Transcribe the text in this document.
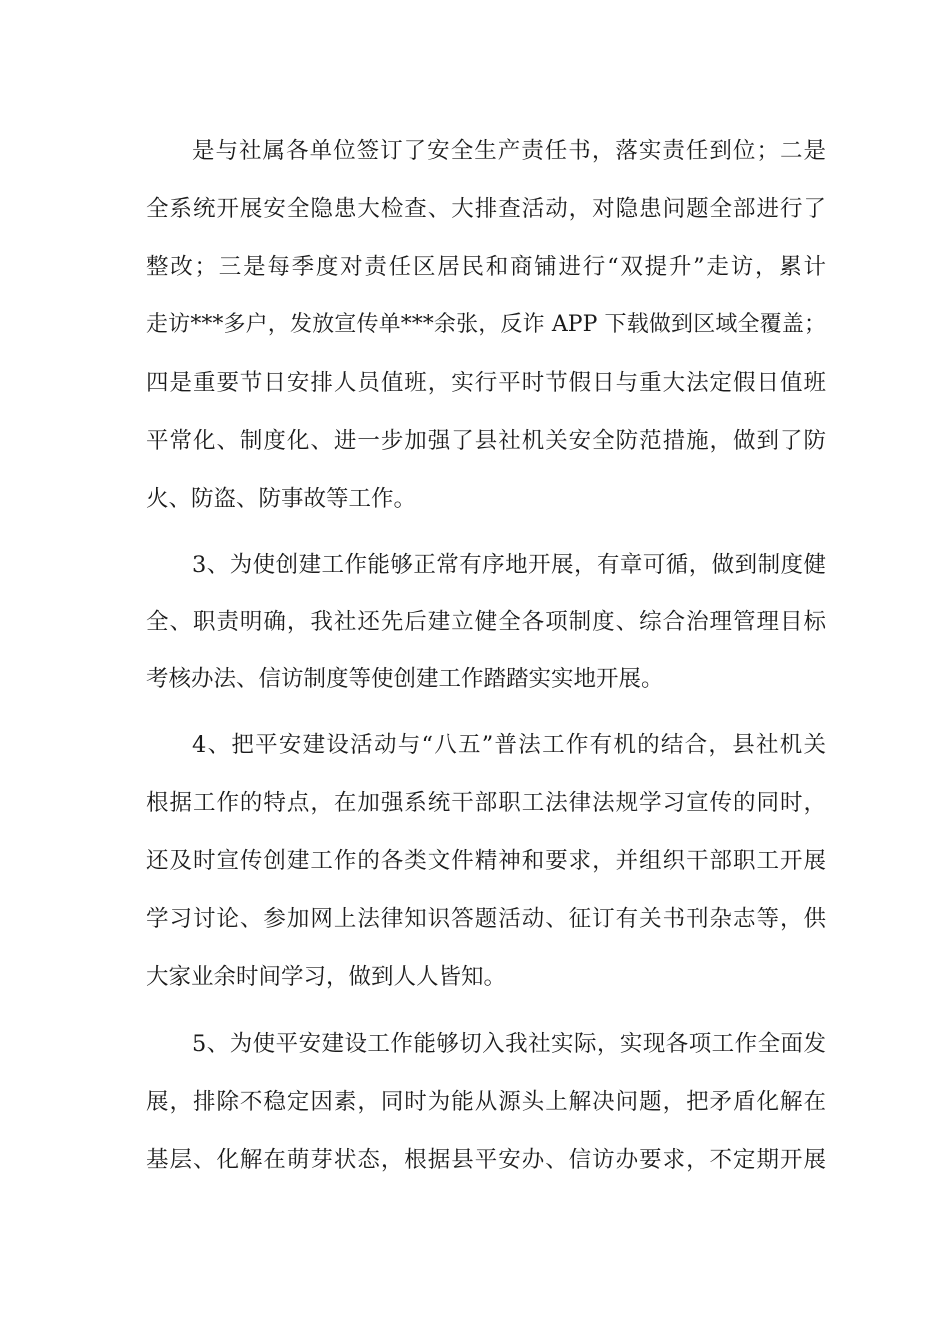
是与社属各单位签订了安全生产责任书，落实责任到位；二是
全系统开展安全隐患大检查、大排查活动，对隐患问题全部进行了
整改；三是每季度对责任区居民和商铺进行“双提升”走访，累计
走访***多户，发放宣传单***余张，反诈 APP 下载做到区域全覆盖；
四是重要节日安排人员值班，实行平时节假日与重大法定假日值班
平常化、制度化、进一步加强了县社机关安全防范措施，做到了防
火、防盗、防事故等工作。
3、为使创建工作能够正常有序地开展，有章可循，做到制度健
全、职责明确，我社还先后建立健全各项制度、综合治理管理目标
考核办法、信访制度等使创建工作踏踏实实地开展。
4、把平安建设活动与“八五”普法工作有机的结合，县社机关
根据工作的特点，在加强系统干部职工法律法规学习宣传的同时，
还及时宣传创建工作的各类文件精神和要求，并组织干部职工开展
学习讨论、参加网上法律知识答题活动、征订有关书刊杂志等，供
大家业余时间学习，做到人人皆知。
5、为使平安建设工作能够切入我社实际，实现各项工作全面发
展，排除不稳定因素，同时为能从源头上解决问题，把矛盾化解在
基层、化解在萌芽状态，根据县平安办、信访办要求，不定期开展
